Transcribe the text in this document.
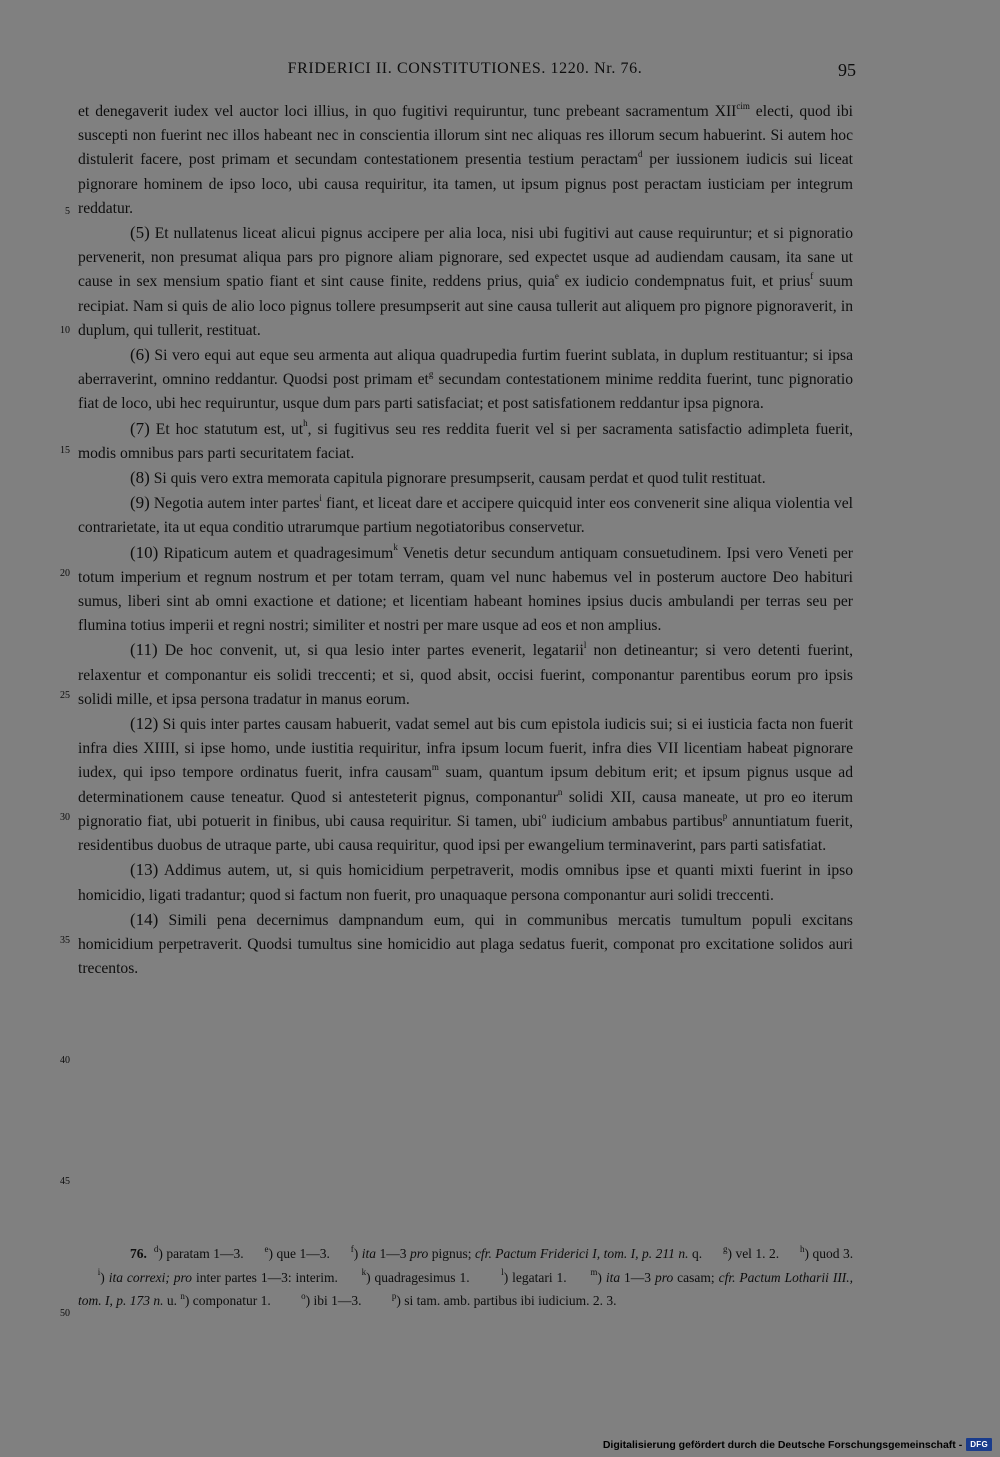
FRIDERICI II. CONSTITUTIONES. 1220. Nr. 76.	95
5
10
15
20
25
30
35
40
45

et denegaverit iudex vel auctor loci illius, in quo fugitivi requiruntur, tunc prebeant sacramentum $XII^{cim}$ electi, quod ibi suscepti non fuerint nec illos habeant nec in conscientia illorum sint nec aliquas res illorum secum habuerint. Si autem hoc distulerit facere, post primam et secundam contestationem presentia testium peractam$^d$ per iussionem iudicis sui liceat pignorare hominem de ipso loco, ubi causa requiritur, ita tamen, ut ipsum pignus post peractam iusticiam per integrum reddatur.

(5) Et nullatenus liceat alicui pignus accipere per alia loca, nisi ubi fugitivi aut cause requiruntur; et si pignoratio pervenerit, non presumat aliqua pars pro pignore aliam pignorare, sed expectet usque ad audiendam causam, ita sane ut cause in sex mensium spatio fiant et sint cause finite, reddens prius, quia$^e$ ex iudicio condempnatus fuit, et prius$^f$ suum recipiat. Nam si quis de alio loco pignus tollere presumpserit aut sine causa tullerit aut aliquem pro pignore pignoraverit, in duplum, qui tullerit, restituat.

(6) Si vero equi aut eque seu armenta aut aliqua quadrupedia furtim fuerint sublata, in duplum restituantur; si ipsa aberraverint, omnino reddantur. Quodsi post primam $et^g$ secundam contestationem minime reddita fuerint, tunc pignoratio fiat de loco, ubi hec requiruntur, usque dum pars parti satisfaciat; et post satisfationem reddantur ipsa pignora.

(7) Et hoc statutum est, $ut^h$, si fugitivus seu res reddita fuerit vel si per sacramenta satisfactio adimpleta fuerit, modis omnibus pars parti securitatem faciat.

(8) Si quis vero extra memorata capitula pignorare presumpserit, causam perdat et quod tulit restituat.

(9) Negotia autem inter partes$^i$ fiant, et liceat dare et accipere quicquid inter eos convenerit sine aliqua violentia vel contrarietate, ita ut equa conditio utrarumque partium negotiatoribus conservetur.

(10) Ripaticum autem et quadragesimum$^k$ Venetis detur secundum antiquam consuetudinem. Ipsi vero Veneti per totum imperium et regnum nostrum et per totam terram, quam vel nunc habemus vel in posterum auctore Deo habituri sumus, liberi sint ab omni exactione et datione; et licentiam habeant homines ipsius ducis ambulandi per terras seu per flumina totius imperii et regni nostri; similiter et nostri per mare usque ad eos et non amplius.

(11) De hoc convenit, ut, si qua lesio inter partes evenerit, legatarii$^l$ non detineantur; si vero detenti fuerint, relaxentur et componantur eis solidi treccenti; et si, quod absit, occisi fuerint, componantur parentibus eorum pro ipsis solidi mille, et ipsa persona tradatur in manus eorum.

(12) Si quis inter partes causam habuerit, vadat semel aut bis cum epistola iudicis sui; si ei iusticia facta non fuerit infra dies XIIII, si ipse homo, unde iustitia requiritur, infra ipsum locum fuerit, infra dies VII licentiam habeat pignorare iudex, qui ipso tempore ordinatus fuerit, infra causam$^m$ suam, quantum ipsum debitum erit; et ipsum pignus usque ad determinationem cause teneatur. Quod si antesteterit pignus, componantur$^n$ solidi XII, causa maneate, ut pro eo iterum pignoratio fiat, ubi potuerit in finibus, ubi causa requiritur. Si tamen, ubi$^o$ iudicium ambabus partibus$^p$ annuntiatum fuerit, residentibus duobus de utraque parte, ubi causa requiritur, quod ipsi per ewangelium terminaverint, pars parti satisfatiat.

(13) Addimus autem, ut, si quis homicidium perpetraverit, modis omnibus ipse et quanti mixti fuerint in ipso homicidio, ligati tradantur; quod si factum non fuerit, pro unaquaque persona componantur auri solidi treccenti.

(14) Simili pena decernimus dampnandum eum, qui in communibus mercatis tumultum populi excitans homicidium perpetraverit. Quodsi tumultus sine homicidio aut plaga sedatus fuerit, componat pro excitatione solidos auri trecentos.

76. $^d$) paratam 1—3. $^e$) que 1—3. $^f$) ita 1—3 pro pignus; cfr. Pactum Friderici I, tom. I, p. 211 n. q. $^g$) vel 1. 2. $^h$) quod 3.      $^i$) ita correxi; pro inter partes 1—3: interim.	$^k$) quadragesimus 1.	$^l$) legatari 1.	$^m$) ita 1—3 pro casam; cfr. Pactum Lotharii III., tom. I, p. 173 n. u. $^n$) componatur 1.	$^o$) ibi 1—3.	$^p$) si tam. amb. partibus ibi iudicium. 2. 3.
50
Digitalisierung gefördert durch die Deutsche Forschungsgemeinschaft -	DFG
